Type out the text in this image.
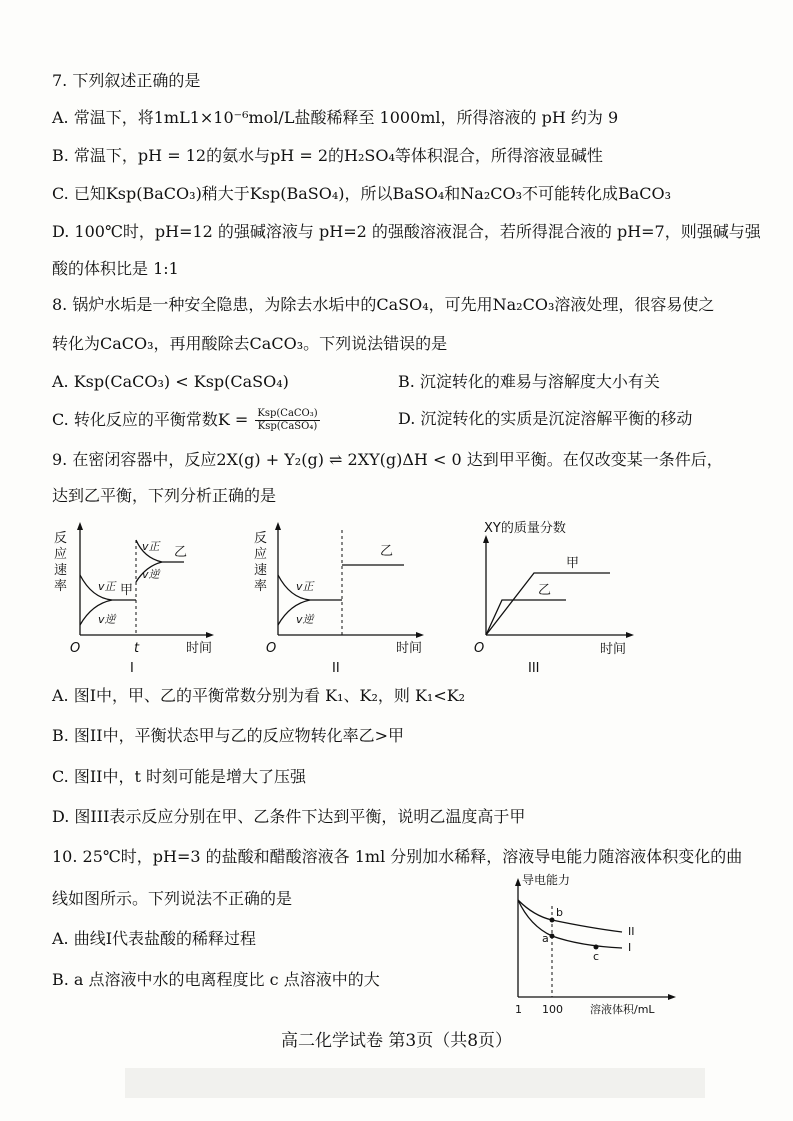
7. 下列叙述正确的是
A. 常温下，将1mL1×10⁻⁶mol/L盐酸稀释至 1000ml，所得溶液的 pH 约为 9
B. 常温下，pH = 12的氨水与pH = 2的H₂SO₄等体积混合，所得溶液显碱性
C. 已知Ksp(BaCO₃)稍大于Ksp(BaSO₄)，所以BaSO₄和Na₂CO₃不可能转化成BaCO₃
D. 100℃时，pH=12 的强碱溶液与 pH=2 的强酸溶液混合，若所得混合液的 pH=7，则强碱与强
酸的体积比是 1:1
8. 锅炉水垢是一种安全隐患，为除去水垢中的CaSO₄，可先用Na₂CO₃溶液处理，很容易使之
转化为CaCO₃，再用酸除去CaCO₃。下列说法错误的是
A. Ksp(CaCO₃) < Ksp(CaSO₄)	B. 沉淀转化的难易与溶解度大小有关
C. 转化反应的平衡常数K = Ksp(CaCO₃)
Ksp(CaSO₄)	D. 沉淀转化的实质是沉淀溶解平衡的移动
9. 在密闭容器中，反应2X(g) + Y₂(g) ⇌ 2XY(g)ΔH < 0 达到甲平衡。在仅改变某一条件后，
达到乙平衡，下列分析正确的是
反
应
速
率	v正
v逆
v正
v逆
甲
乙
O	t	时间
I
反
应
速
率	v正
v逆
乙
O	时间
II
XY的质量分数
甲
乙
O	时间
III
A. 图I中，甲、乙的平衡常数分别为看 K₁、K₂，则 K₁<K₂
B. 图II中，平衡状态甲与乙的反应物转化率乙>甲
C. 图II中，t 时刻可能是增大了压强
D. 图III表示反应分别在甲、乙条件下达到平衡，说明乙温度高于甲
10. 25℃时，pH=3 的盐酸和醋酸溶液各 1ml 分别加水稀释，溶液导电能力随溶液体积变化的曲
线如图所示。下列说法不正确的是
A. 曲线I代表盐酸的稀释过程
B. a 点溶液中水的电离程度比 c 点溶液中的大
导电能力
b
a
c
II
I
1 100 溶液体积/mL
高二化学试卷 第3页（共8页）
